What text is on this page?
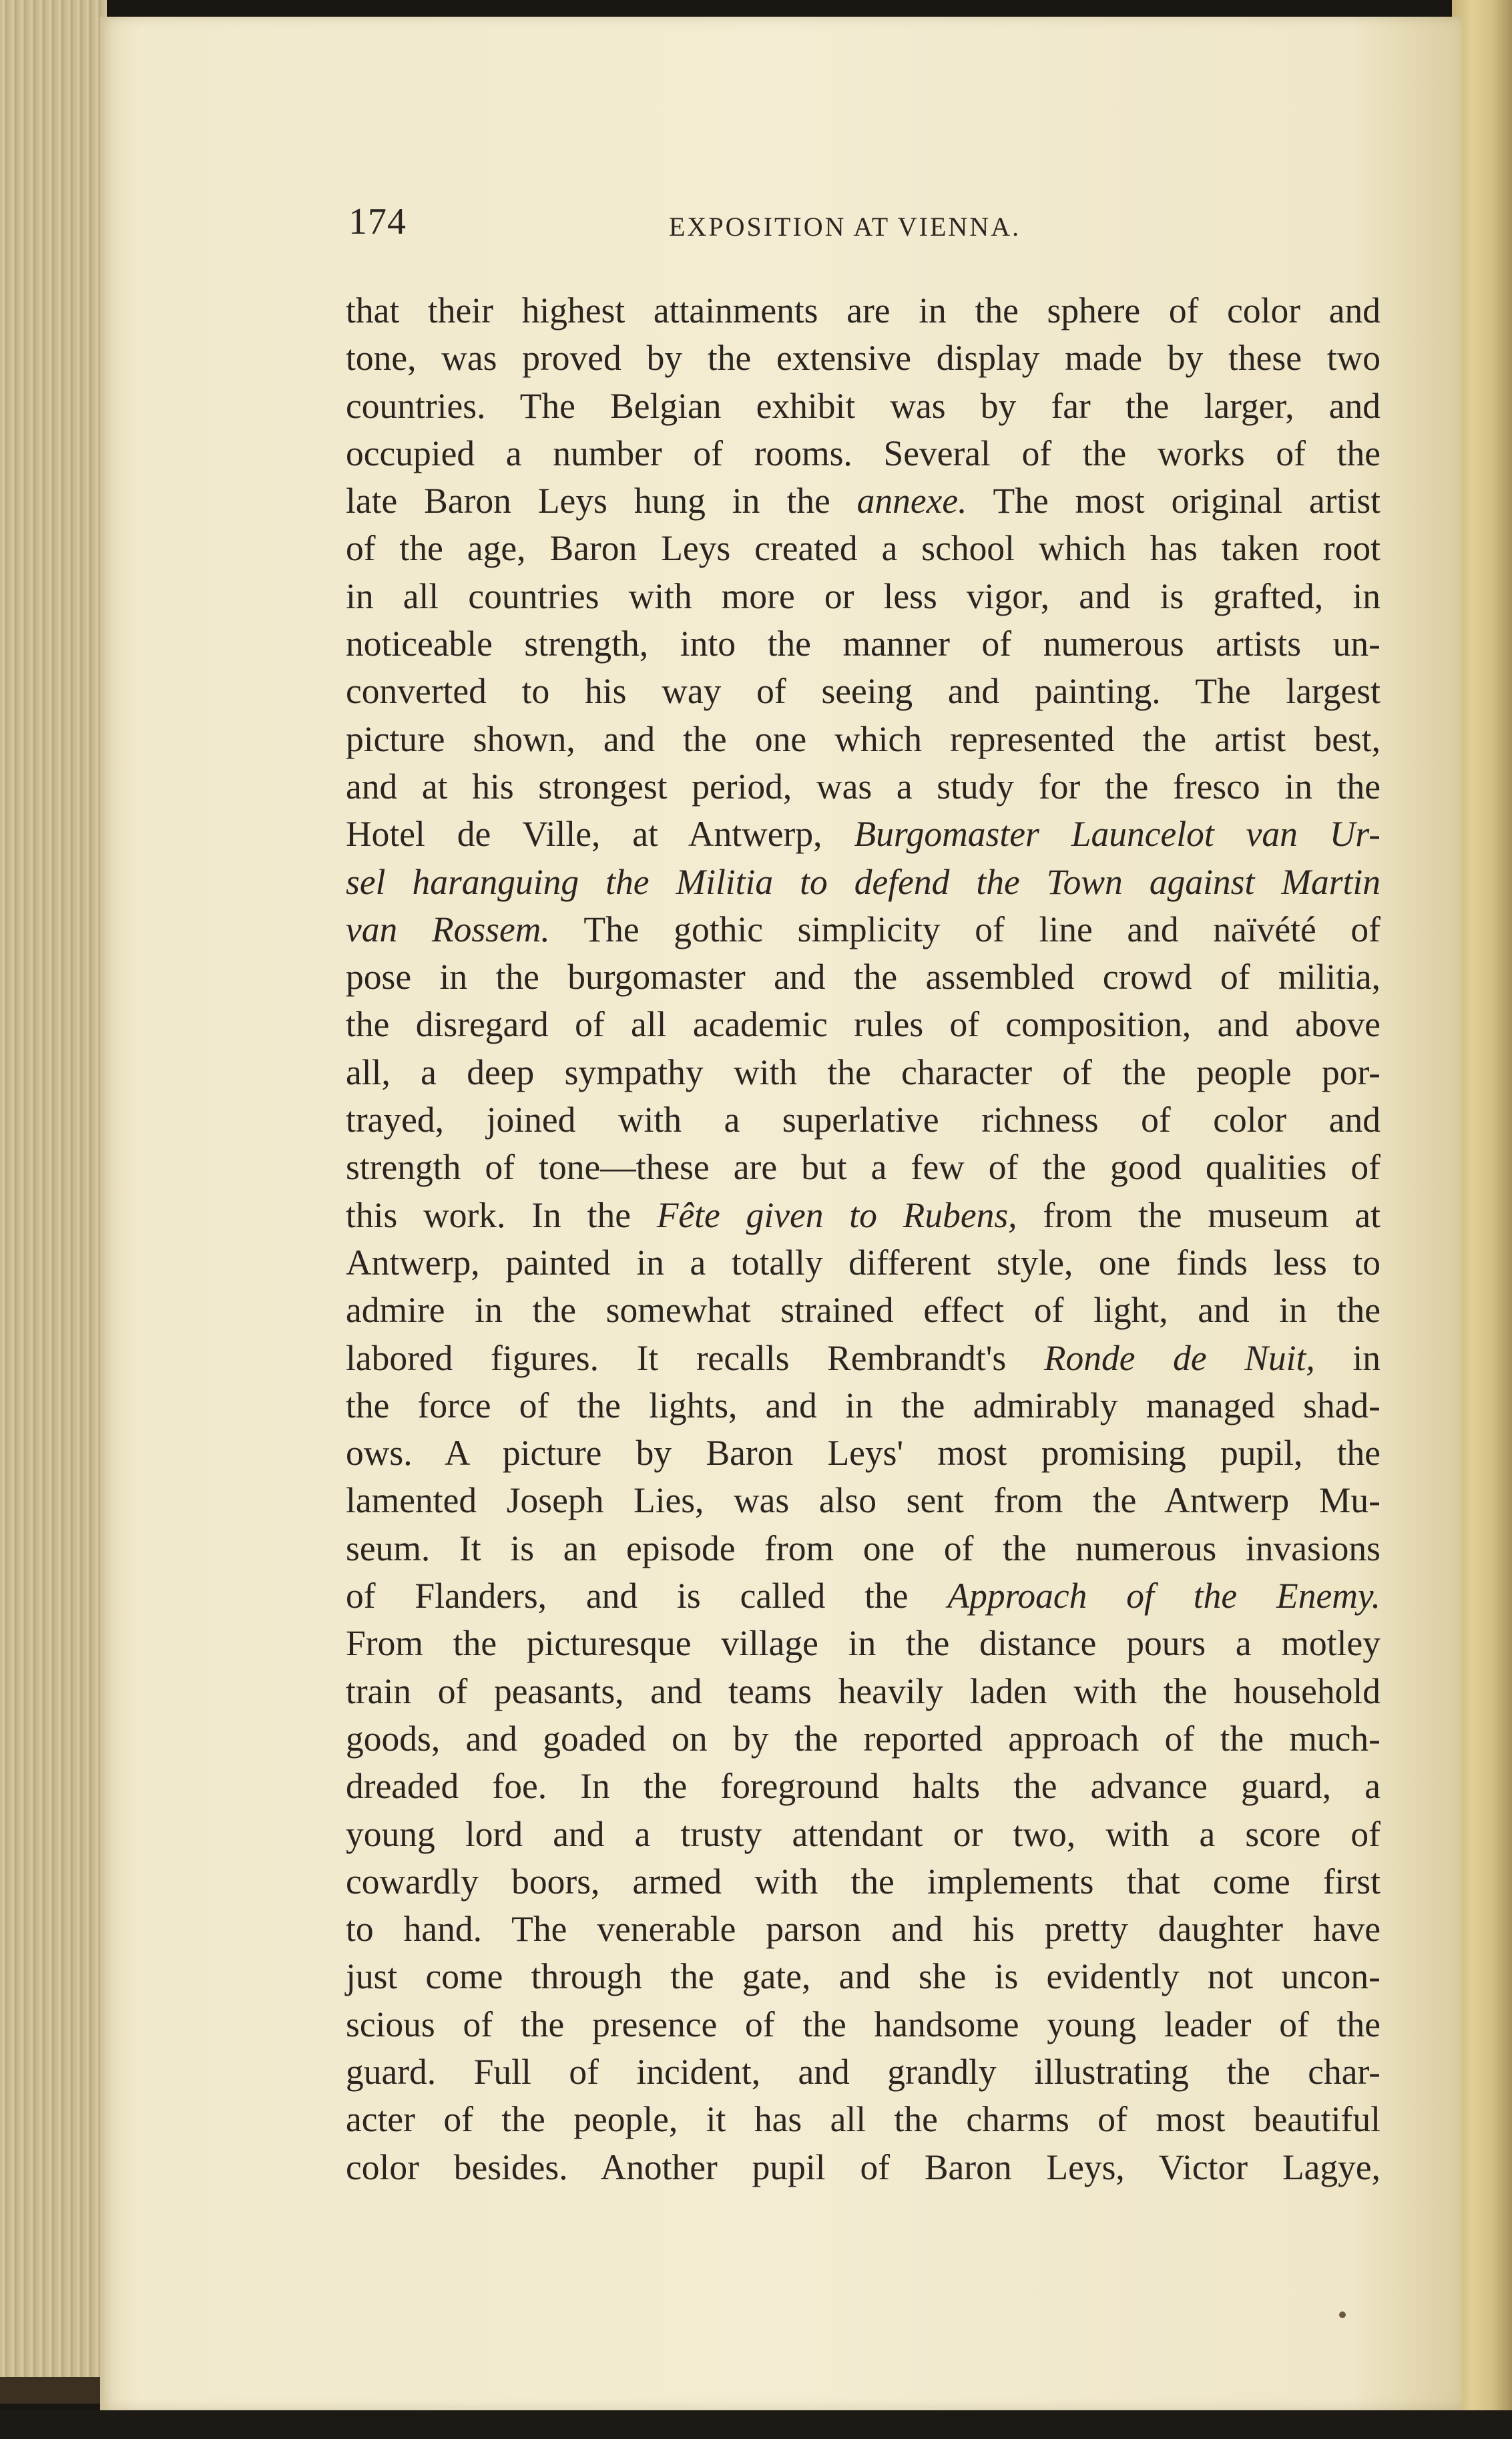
174	EXPOSITION AT VIENNA.
that their highest attainments are in the sphere of color and
tone, was proved by the extensive display made by these two
countries. The Belgian exhibit was by far the larger, and
occupied a number of rooms. Several of the works of the
late Baron Leys hung in the annexe. The most original artist
of the age, Baron Leys created a school which has taken root
in all countries with more or less vigor, and is grafted, in
noticeable strength, into the manner of numerous artists un-
converted to his way of seeing and painting. The largest
picture shown, and the one which represented the artist best,
and at his strongest period, was a study for the fresco in the
Hotel de Ville, at Antwerp, Burgomaster Launcelot van Ur-
sel haranguing the Militia to defend the Town against Martin
van Rossem. The gothic simplicity of line and naïvété of
pose in the burgomaster and the assembled crowd of militia,
the disregard of all academic rules of composition, and above
all, a deep sympathy with the character of the people por-
trayed, joined with a superlative richness of color and
strength of tone—these are but a few of the good qualities of
this work. In the Fête given to Rubens, from the museum at
Antwerp, painted in a totally different style, one finds less to
admire in the somewhat strained effect of light, and in the
labored figures. It recalls Rembrandt's Ronde de Nuit, in
the force of the lights, and in the admirably managed shad-
ows. A picture by Baron Leys' most promising pupil, the
lamented Joseph Lies, was also sent from the Antwerp Mu-
seum. It is an episode from one of the numerous invasions
of Flanders, and is called the Approach of the Enemy.
From the picturesque village in the distance pours a motley
train of peasants, and teams heavily laden with the household
goods, and goaded on by the reported approach of the much-
dreaded foe. In the foreground halts the advance guard, a
young lord and a trusty attendant or two, with a score of
cowardly boors, armed with the implements that come first
to hand. The venerable parson and his pretty daughter have
just come through the gate, and she is evidently not uncon-
scious of the presence of the handsome young leader of the
guard. Full of incident, and grandly illustrating the char-
acter of the people, it has all the charms of most beautiful
color besides. Another pupil of Baron Leys, Victor Lagye,
